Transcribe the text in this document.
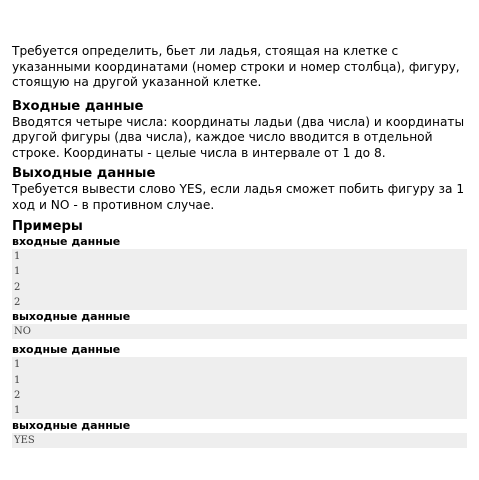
Требуется определить, бьет ли ладья, стоящая на клетке с указанными координатами (номер строки и номер столбца), фигуру, стоящую на другой указанной клетке.

Входные данные

Вводятся четыре числа: координаты ладьи (два числа) и координаты другой фигуры (два числа), каждое число вводится в отдельной строке. Координаты - целые числа в интервале от 1 до 8.

Выходные данные

Требуется вывести слово YES, если ладья сможет побить фигуру за 1 ход и NO - в противном случае.

Примеры
входные данные
1
1
2
2
выходные данные
NO
входные данные
1
1
2
1
выходные данные
YES
